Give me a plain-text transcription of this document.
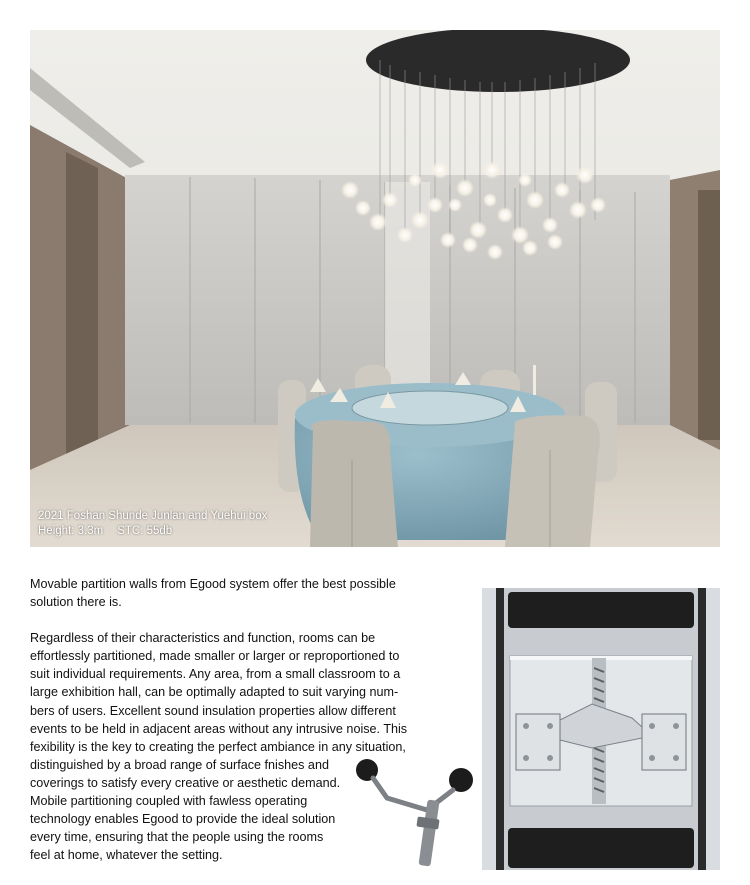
2021 Foshan Shunde Junlan and Yuehui box
Height: 3.3m STC: 55db

Movable partition walls from Egood system offer the best possible solution there is.

Regardless of their characteristics and function, rooms can be
effortlessly partitioned, made smaller or larger or reproportioned to
suit individual requirements. Any area, from a small classroom to a
large exhibition hall, can be optimally adapted to suit varying num-
bers of users. Excellent sound insulation properties allow different
events to be held in adjacent areas without any intrusive noise. This
fexibility is the key to creating the perfect ambiance in any situation,
distinguished by a broad range of surface fnishes and
coverings to satisfy every creative or aesthetic demand.
Mobile partitioning coupled with fawless operating
technology enables Egood to provide the ideal solution
every time, ensuring that the people using the rooms
feel at home, whatever the setting.
